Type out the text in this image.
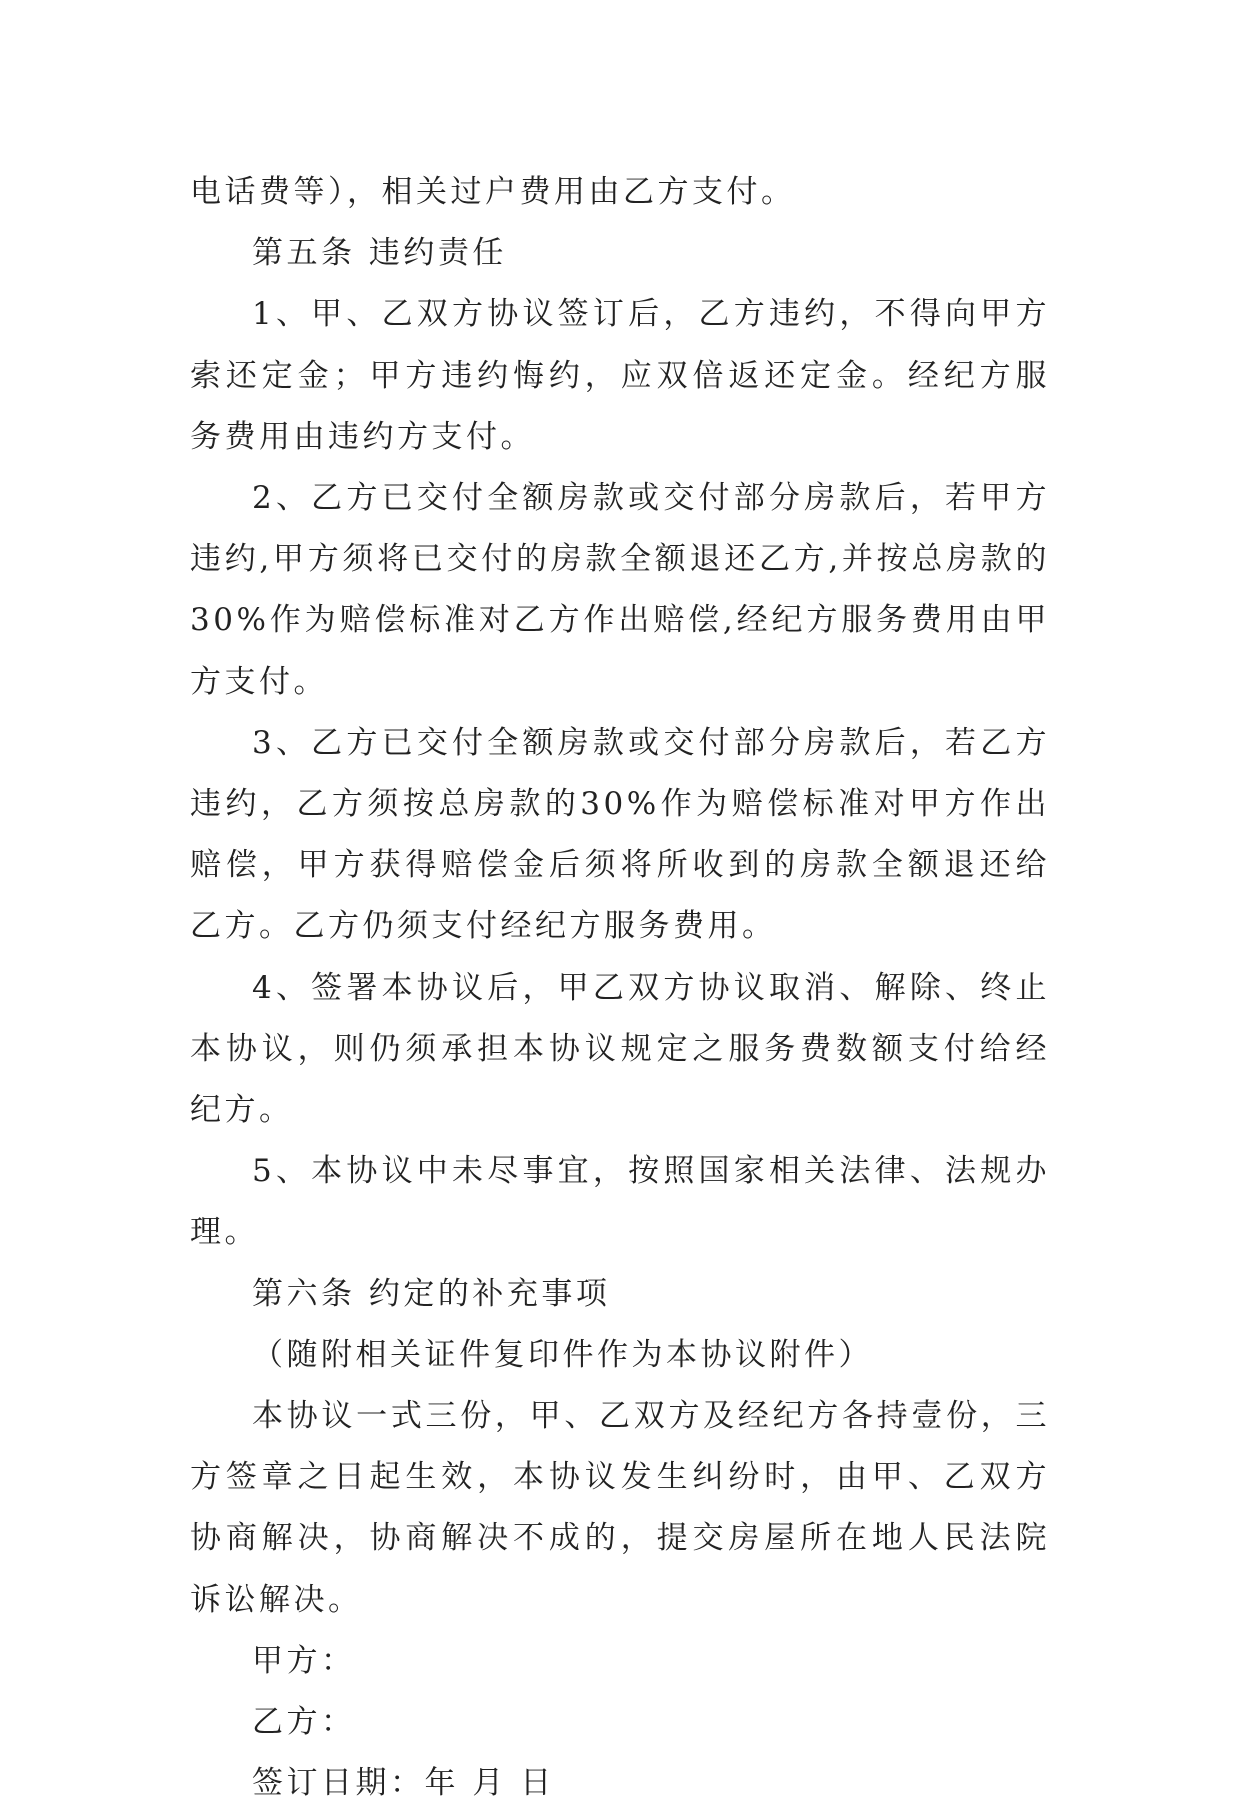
电话费等），相关过户费用由乙方支付。

第五条 违约责任

1、甲、乙双方协议签订后，乙方违约，不得向甲方索还定金；甲方违约悔约，应双倍返还定金。经纪方服务费用由违约方支付。

2、乙方已交付全额房款或交付部分房款后，若甲方违约,甲方须将已交付的房款全额退还乙方,并按总房款的30%作为赔偿标准对乙方作出赔偿,经纪方服务费用由甲方支付。

3、乙方已交付全额房款或交付部分房款后，若乙方违约，乙方须按总房款的30%作为赔偿标准对甲方作出赔偿，甲方获得赔偿金后须将所收到的房款全额退还给乙方。乙方仍须支付经纪方服务费用。

4、签署本协议后，甲乙双方协议取消、解除、终止本协议，则仍须承担本协议规定之服务费数额支付给经纪方。

5、本协议中未尽事宜，按照国家相关法律、法规办理。

第六条 约定的补充事项

（随附相关证件复印件作为本协议附件）

本协议一式三份，甲、乙双方及经纪方各持壹份，三方签章之日起生效，本协议发生纠纷时，由甲、乙双方协商解决，协商解决不成的，提交房屋所在地人民法院诉讼解决。

甲方：

乙方：

签订日期：年 月 日
